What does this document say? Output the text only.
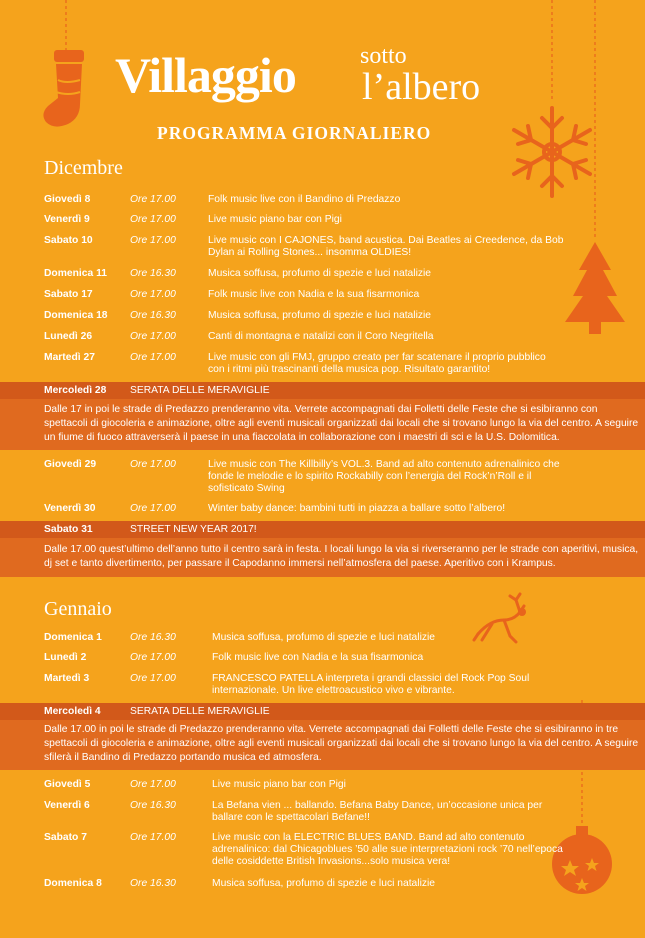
Villaggio	sotto
l’albero
PROGRAMMA GIORNALIERO
Dicembre
Giovedì 8	Ore 17.00	Folk music live con il Bandino di Predazzo
Venerdì 9	Ore 17.00	Live music piano bar con Pigi
Sabato 10	Ore 17.00	Live music con I CAJONES, band acustica. Dai Beatles ai Creedence, da Bob Dylan ai Rolling Stones... insomma OLDIES!
Domenica 11 Ore 16.30	Musica soffusa, profumo di spezie e luci natalizie
Sabato 17	Ore 17.00	Folk music live con Nadia e la sua fisarmonica
Domenica 18 Ore 16.30	Musica soffusa, profumo di spezie e luci natalizie
Lunedì 26	Ore 17.00	Canti di montagna e natalizi con il Coro Negritella
Martedì 27	Ore 17.00	Live music con gli FMJ, gruppo creato per far scatenare il proprio pubblico con i ritmi più trascinanti della musica pop. Risultato garantito!
Mercoledì 28 SERATA DELLE MERAVIGLIE
Dalle 17 in poi le strade di Predazzo prenderanno vita. Verrete accompagnati dai Folletti delle Feste che si esibiranno con spettacoli di giocoleria e animazione, oltre agli eventi musicali organizzati dai locali che si trovano lungo la via del centro. A seguire un fiume di fuoco attraverserà il paese in una fiaccolata in collaborazione con i maestri di sci e la U.S. Dolomitica.
Giovedì 29	Ore 17.00	Live music con The Killbilly’s VOL.3. Band ad alto contenuto adrenalinico che fonde le melodie e lo spirito Rockabilly con l’energia del Rock’n’Roll e il sofisticato Swing
Venerdì 30	Ore 17.00	Winter baby dance: bambini tutti in piazza a ballare sotto l’albero!
Sabato 31	STREET NEW YEAR 2017!
Dalle 17.00 quest’ultimo dell’anno tutto il centro sarà in festa. I locali lungo la via si riverseranno per le strade con aperitivi, musica, dj set e tanto divertimento, per passare il Capodanno immersi nell’atmosfera del paese. Aperitivo con i Krampus.
Gennaio
Domenica 1	Ore 16.30	Musica soffusa, profumo di spezie e luci natalizie
Lunedì 2	Ore 17.00	Folk music live con Nadia e la sua fisarmonica
Martedì 3	Ore 17.00	FRANCESCO PATELLA interpreta i grandi classici del Rock Pop Soul internazionale. Un live elettroacustico vivo e vibrante.
Mercoledì 4	SERATA DELLE MERAVIGLIE
Dalle 17.00 in poi le strade di Predazzo prenderanno vita. Verrete accompagnati dai Folletti delle Feste che si esibiranno in tre spettacoli di giocoleria e animazione, oltre agli eventi musicali organizzati dai locali che si trovano lungo la via del centro. A seguire sfilerà il Bandino di Predazzo portando musica ed atmosfera.
Giovedì 5	Ore 17.00	Live music piano bar con Pigi
Venerdì 6	Ore 16.30	La Befana vien ... ballando. Befana Baby Dance, un’occasione unica per ballare con le spettacolari Befane!!
Sabato 7	Ore 17.00	Live music con la ELECTRIC BLUES BAND. Band ad alto contenuto adrenalinico: dal Chicagoblues ’50 alle sue interpretazioni rock ’70 nell’epoca delle cosiddette British Invasions...solo musica vera!
Domenica 8	Ore 16.30	Musica soffusa, profumo di spezie e luci natalizie
